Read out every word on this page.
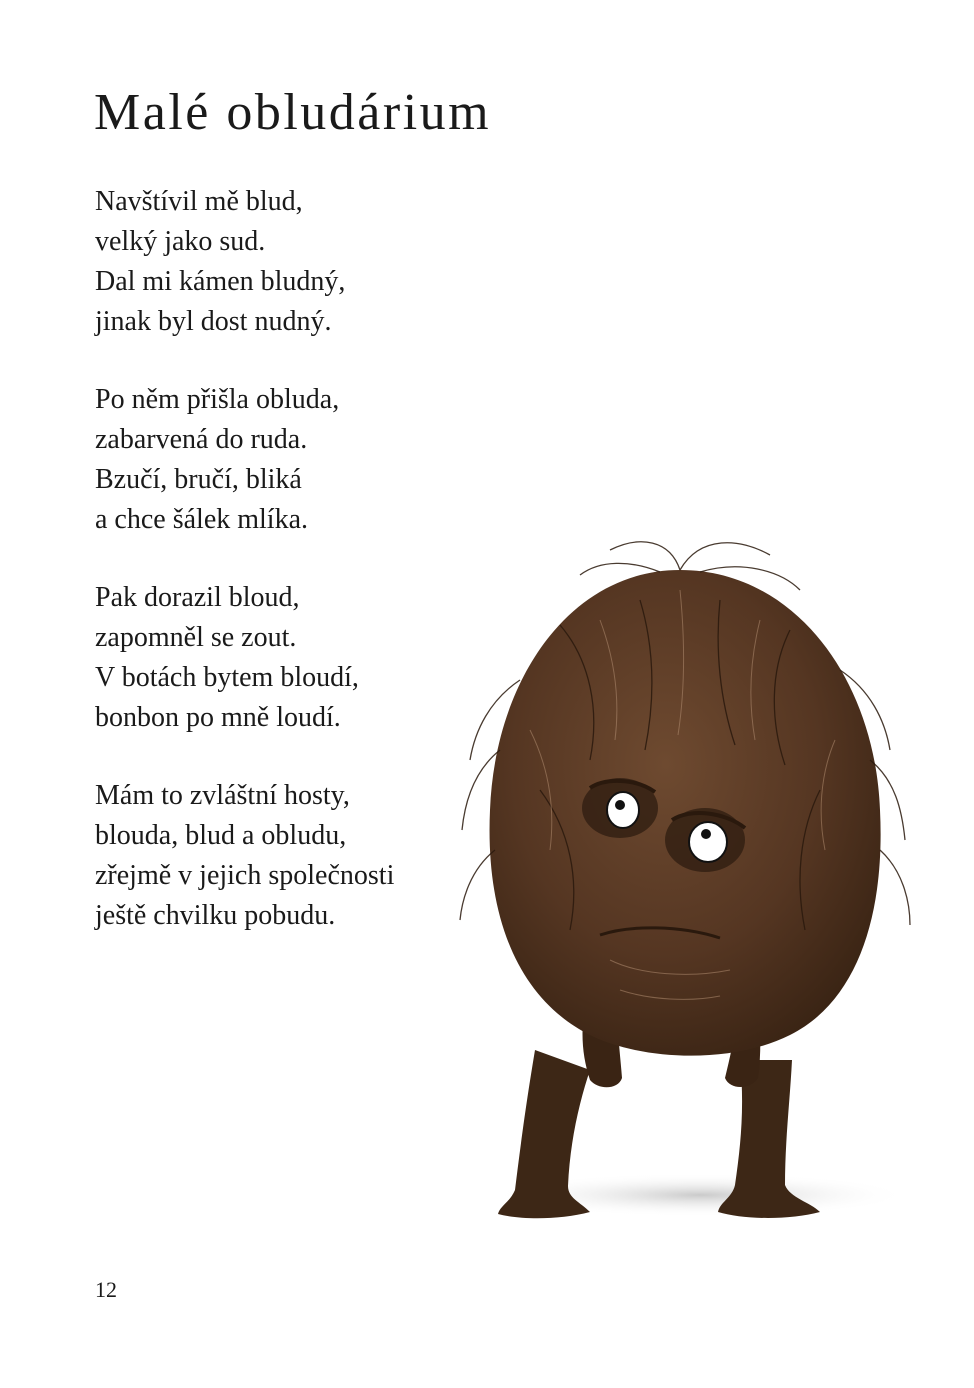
Malé obludárium
Navštívil mě blud,
velký jako sud.
Dal mi kámen bludný,
jinak byl dost nudný.
Po něm přišla obluda,
zabarvená do ruda.
Bzučí, bručí, bliká
a chce šálek mlíka.
Pak dorazil bloud,
zapomněl se zout.
V botách bytem bloudí,
bonbon po mně loudí.
Mám to zvláštní hosty,
blouda, blud a obludu,
zřejmě v jejich společnosti
ještě chvilku pobudu.
12
